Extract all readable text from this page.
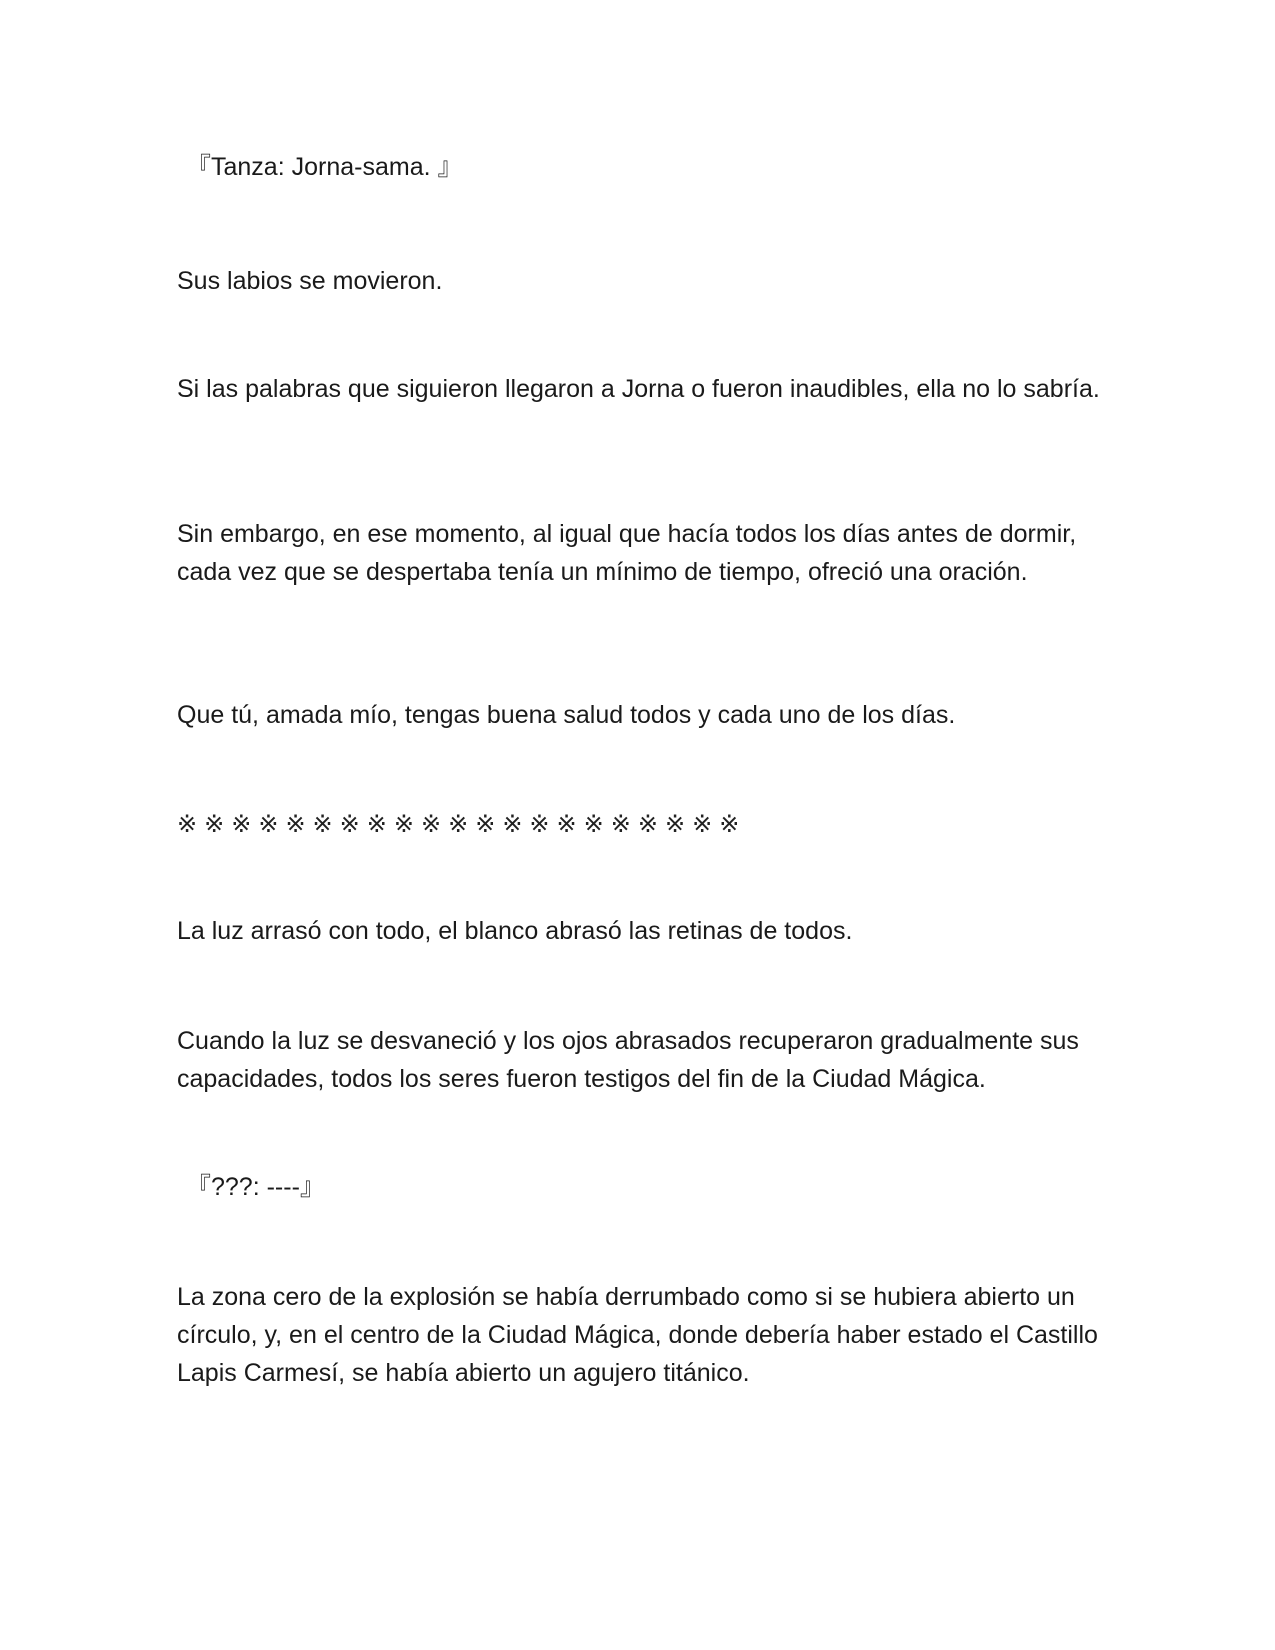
『Tanza: Jorna-sama. 』

Sus labios se movieron.

Si las palabras que siguieron llegaron a Jorna o fueron inaudibles, ella no lo sabría.

Sin embargo, en ese momento, al igual que hacía todos los días antes de dormir, cada vez que se despertaba tenía un mínimo de tiempo, ofreció una oración.

Que tú, amada mío, tengas buena salud todos y cada uno de los días.

※※※※※※※※※※※※※※※※※※※※※

La luz arrasó con todo, el blanco abrasó las retinas de todos.

Cuando la luz se desvaneció y los ojos abrasados recuperaron gradualmente sus capacidades, todos los seres fueron testigos del fin de la Ciudad Mágica.

『???: ----』

La zona cero de la explosión se había derrumbado como si se hubiera abierto un círculo, y, en el centro de la Ciudad Mágica, donde debería haber estado el Castillo Lapis Carmesí, se había abierto un agujero titánico.
